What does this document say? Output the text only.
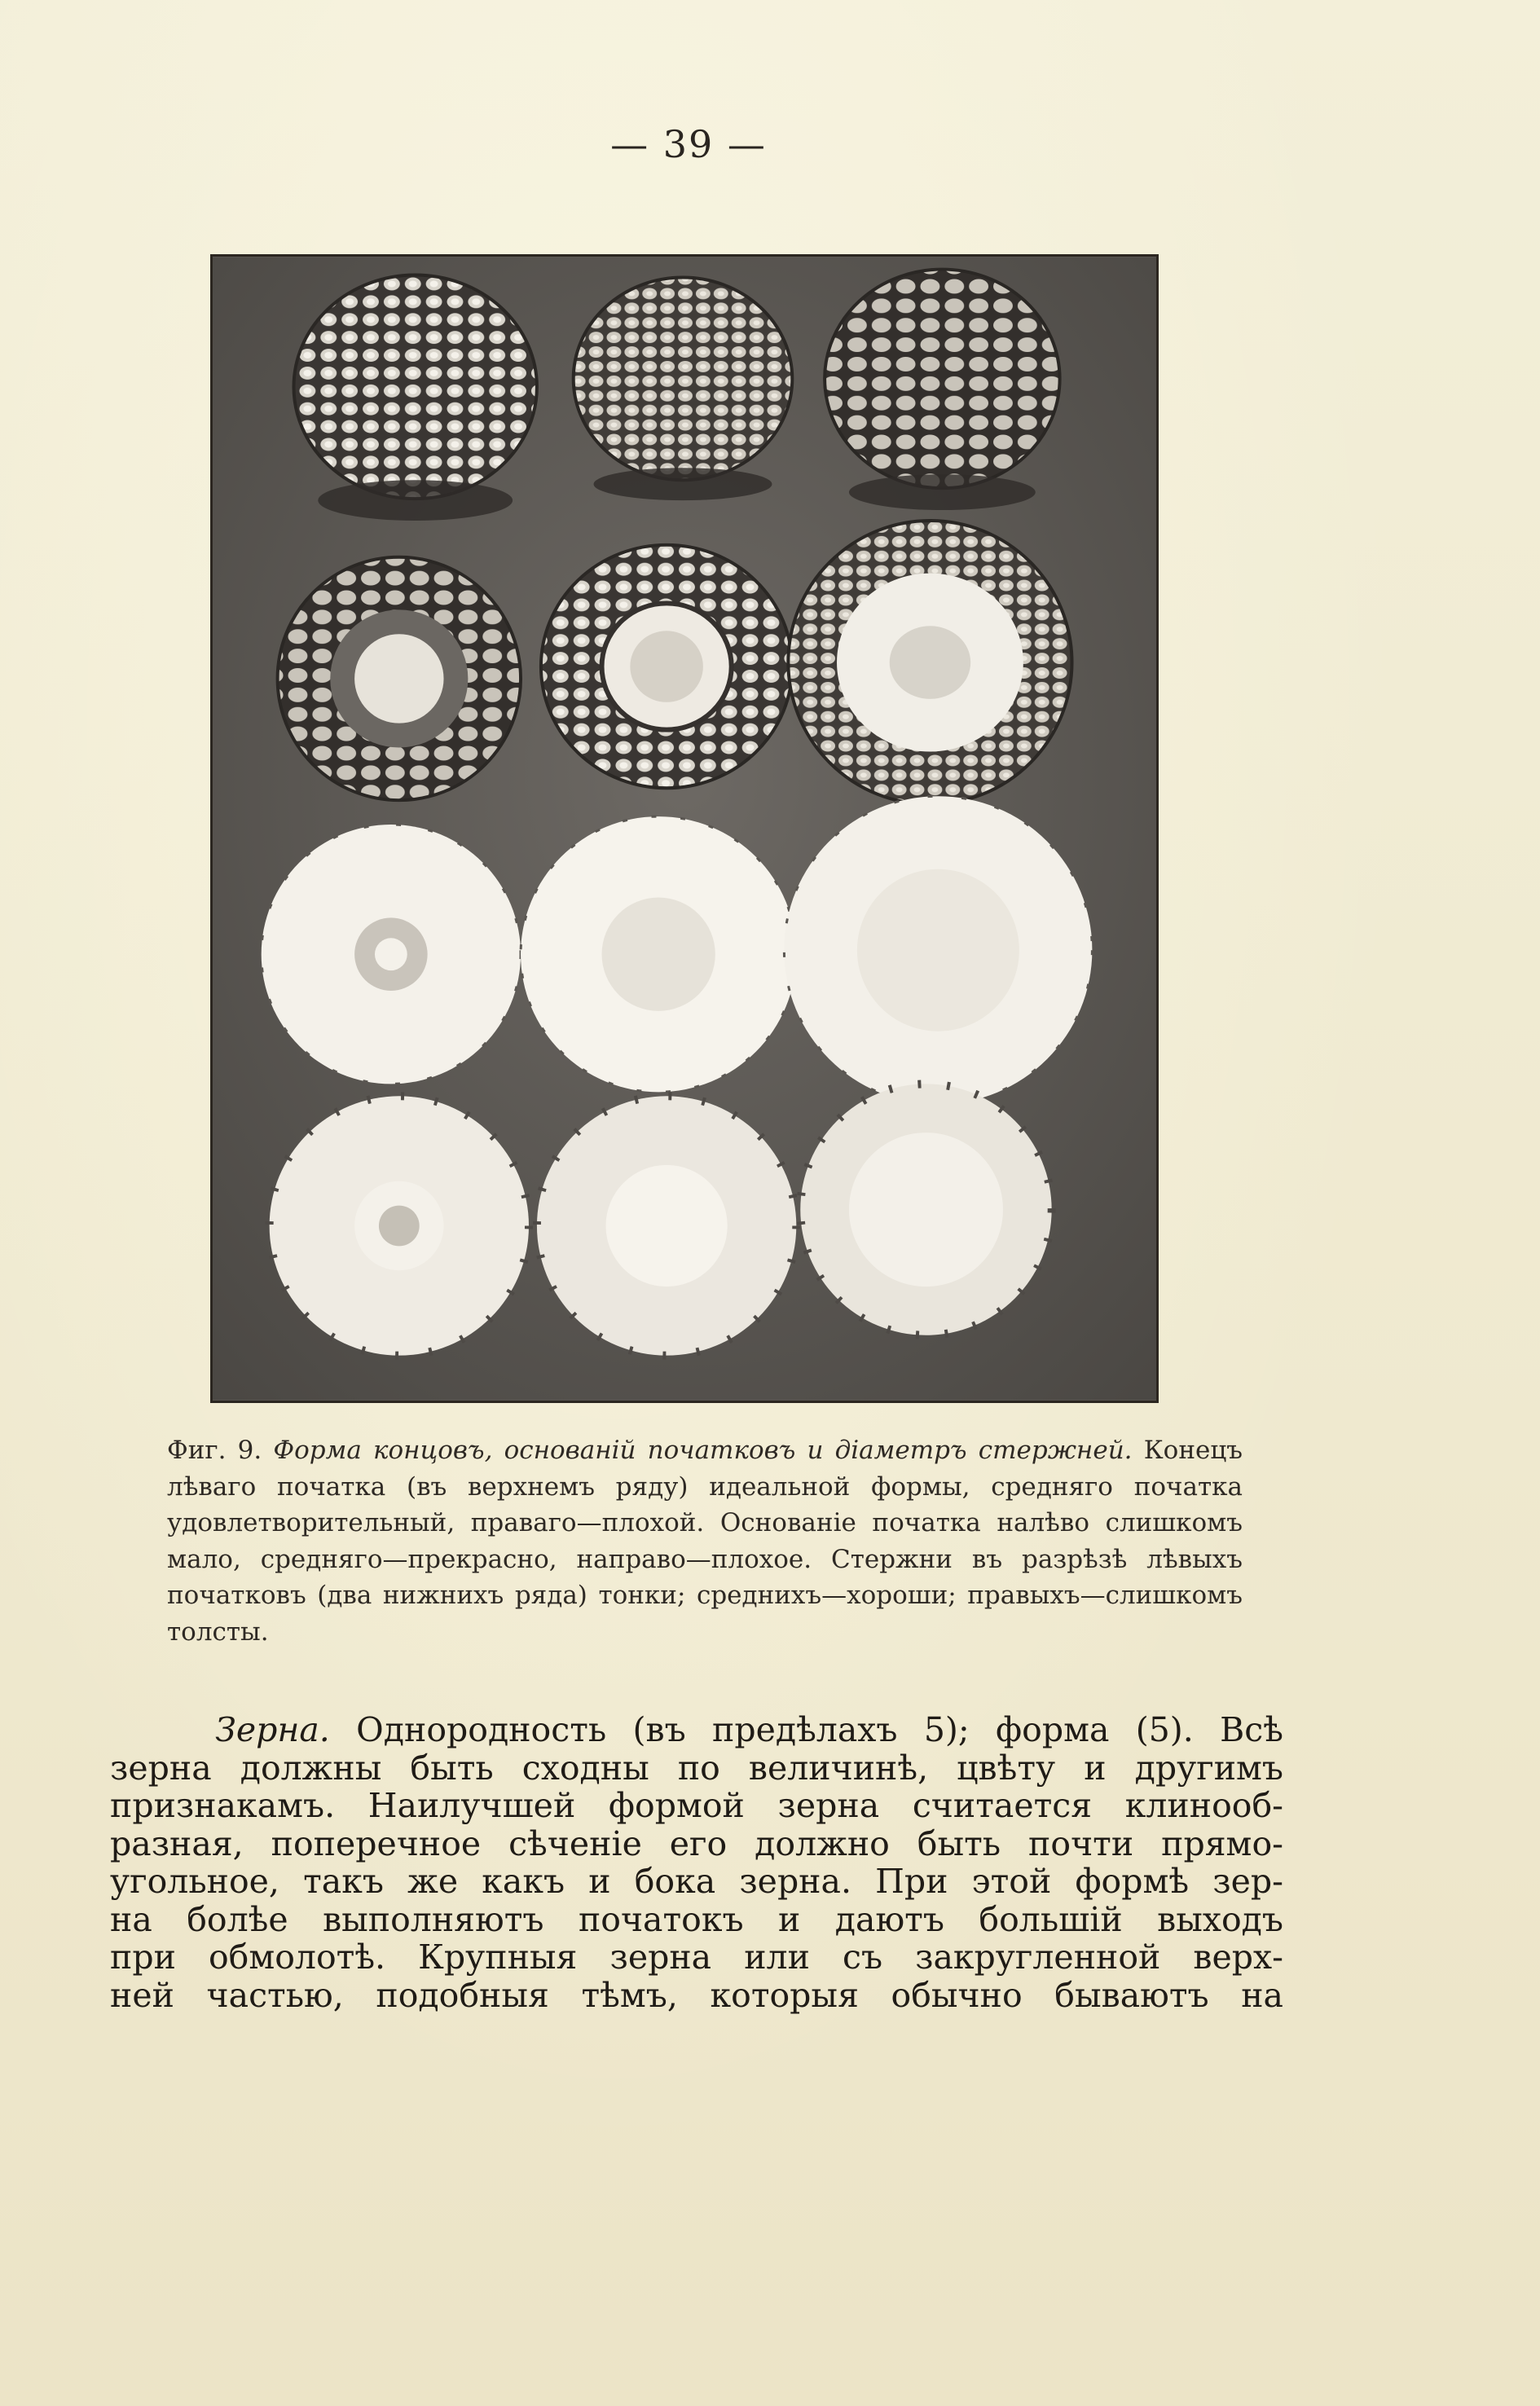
— 39 —
Фиг. 9. Форма концовъ, основаній початковъ и діаметръ стержней. Конецъ лѣваго початка (въ верхнемъ ряду) идеальной формы, средняго початка удовлетворительный, праваго—плохой. Основаніе початка налѣво слишкомъ мало, средняго—прекрасно, направо—плохое. Стержни въ разрѣзѣ лѣвыхъ початковъ (два нижнихъ ряда) тонки; среднихъ—хороши; правыхъ—слишкомъ толсты.
Зерна. Однородность (въ предѣлахъ 5); форма (5). Всѣ
зерна должны быть сходны по величинѣ, цвѣту и другимъ
признакамъ. Наилучшей формой зерна считается клинооб-
разная, поперечное сѣченіе его должно быть почти прямо-
угольное, такъ же какъ и бока зерна. При этой формѣ зер-
на болѣе выполняютъ початокъ и даютъ большій выходъ
при обмолотѣ. Крупныя зерна или съ закругленной верх-
ней частью, подобныя тѣмъ, которыя обычно бываютъ на
